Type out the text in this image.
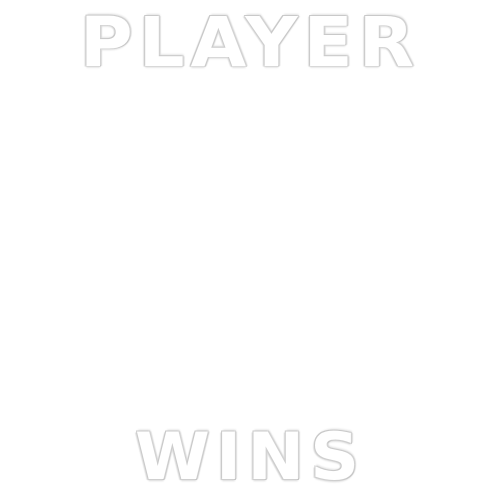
PLAYER
WINS
